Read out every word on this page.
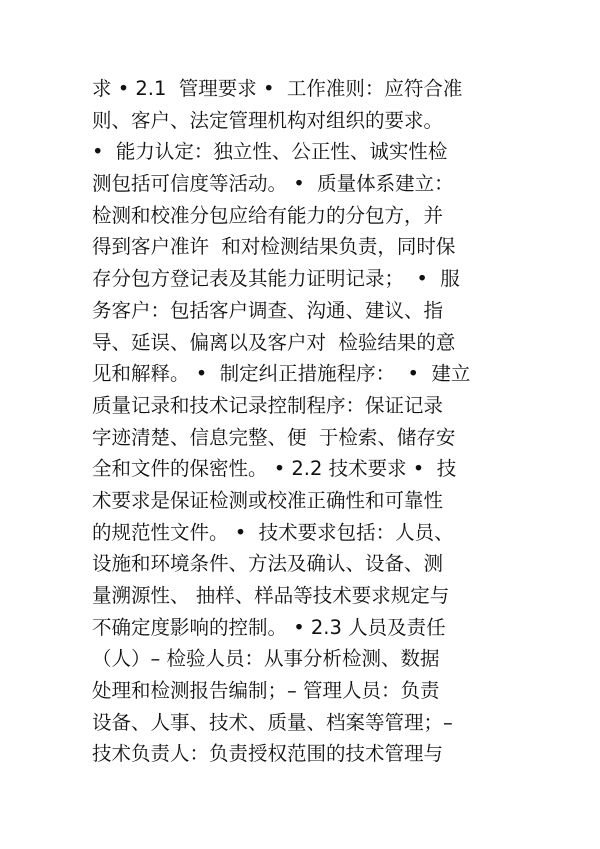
求 • 2.1  管理要求 •  工作准则：应符合准
则、客户、法定管理机构对组织的要求。
•  能力认定：独立性、公正性、诚实性检
测包括可信度等活动。 •  质量体系建立：
检测和校准分包应给有能力的分包方，并
得到客户准许  和对检测结果负责，同时保
存分包方登记表及其能力证明记录；  •  服
务客户：包括客户调查、沟通、建议、指
导、延误、偏离以及客户对  检验结果的意
见和解释。 •  制定纠正措施程序：  •  建立
质量记录和技术记录控制程序：保证记录
字迹清楚、信息完整、便  于检索、储存安
全和文件的保密性。 • 2.2 技术要求 •  技
术要求是保证检测或校准正确性和可靠性
的规范性文件。 •  技术要求包括：人员、
设施和环境条件、方法及确认、设备、测
量溯源性、 抽样、样品等技术要求规定与
不确定度影响的控制。 • 2.3 人员及责任
（人）– 检验人员：从事分析检测、数据
处理和检测报告编制；– 管理人员：负责
设备、人事、技术、质量、档案等管理；–
技术负责人：负责授权范围的技术管理与
